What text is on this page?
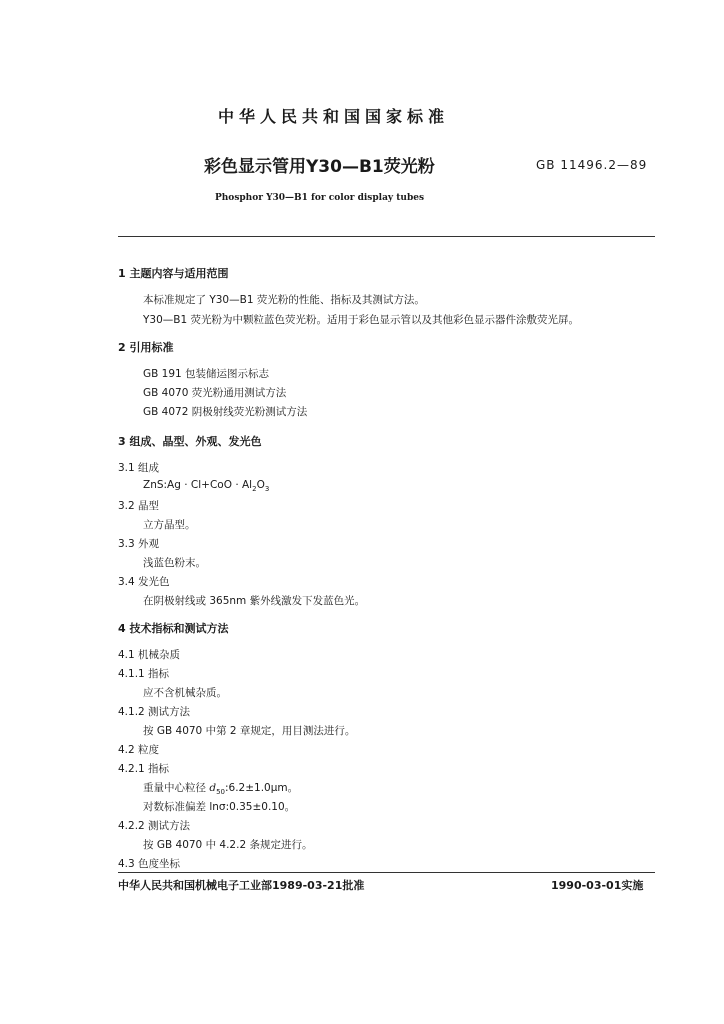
中华人民共和国国家标准
彩色显示管用Y30—B1荧光粉	GB 11496.2—89
Phosphor Y30—B1 for color display tubes
1 主题内容与适用范围
本标准规定了 Y30—B1 荧光粉的性能、指标及其测试方法。
Y30—B1 荧光粉为中颗粒蓝色荧光粉。适用于彩色显示管以及其他彩色显示器件涂敷荧光屏。
2 引用标准
GB 191 包装储运图示标志
GB 4070 荧光粉通用测试方法
GB 4072 阴极射线荧光粉测试方法
3 组成、晶型、外观、发光色
3.1 组成
ZnS:Ag · $Cl+CoO \cdot Al_2O_3$
3.2 晶型
立方晶型。
3.3 外观
浅蓝色粉末。
3.4 发光色
在阴极射线或 365nm 紫外线激发下发蓝色光。
4 技术指标和测试方法
4.1 机械杂质
4.1.1 指标
应不含机械杂质。
4.1.2 测试方法
按 GB 4070 中第 2 章规定，用目测法进行。
4.2 粒度
4.2.1 指标
重量中心粒径 $d_{50}:6.2\pm 1.0\mu m$。
对数标准偏差 lnσ:0.35±0.10。
4.2.2 测试方法
按 GB 4070 中 4.2.2 条规定进行。
4.3 色度坐标
中华人民共和国机械电子工业部1989-03-21批准	1990-03-01实施
